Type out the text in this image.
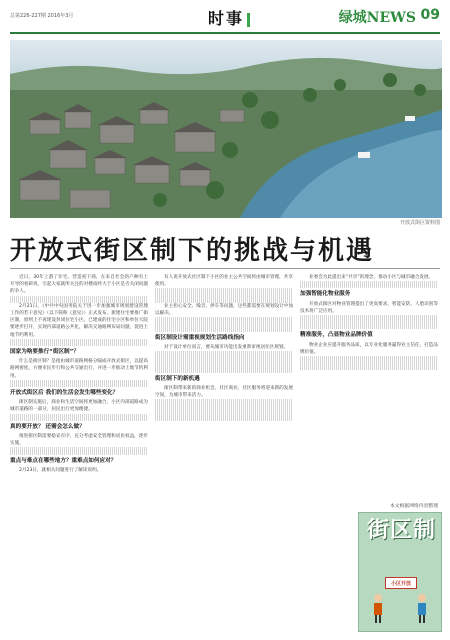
总第226-227期 2016年3月	时事	绿城NEWS 09
开放式街区资料图
开放式街区制下的挑战与机遇

近日，30年上游了住宅、营造初下商，在来自社会的户种有上开导的看研说，引起大家就所关注的对楼南经大于小区是否关闭问题的争人。

2月21日，《中共中央国务院关于进一步加强城市规划建设管理工作的若干意见》（以下简称《意见》）正式发布。新建住宅要推广街区制，原则上不再建设封闭住宅小区。已建成的住宅小区和单位大院要逐步打开，实现内部道路公共化，解决交通路网布局问题，促进土地节约利用。

国家为啥要推行“街区制”？

什么是街区制？是指由城市道路网格分隔成开放式街区，以提高路网密度，方便市民步行和公共交通出行，并进一步推动土地节约利用。

开放式街区后 我们的生活会发生哪些变化？

街区制实施后，商业和生活空间将更加融合，小区内部道路成为城市道路的一部分，居民出行更加便捷。

真的要开放？ 还需会怎么做？

推进街区制需要稳妥有序，充分考虑安全管理和居民权益，逐步实施。

重点与难点在哪些地方？重难点如何应对？

2月23日，就相关问题进行了解读说明。

有人说开放式社区制下小区的业主公共空间将由城市管理，共享使用。

业主担心安全、噪音、停车等问题，这些都需要在规划设计中加以解决。

街区制设计需重视规划生活路线指向

对于设计单位而言，要从城市功能出发重新审视居住区规划。

街区制下的新机遇

街区制带来新的商业机会，社区商业、社区服务将迎来新的发展空间，为城市带来活力。

业委会为此提出来“共享”的理念，推动小区与城市融合发展。

加强智能化物业服务

开放式街区对物业管理提出了更高要求，智能安防、人脸识别等技术将广泛应用。

精准服务，凸显物业品牌价值

物业企业应提升服务品质，以专业化服务赢得业主信任，打造品牌价值。

本文根据网络内容整理
街区制
小区开放
